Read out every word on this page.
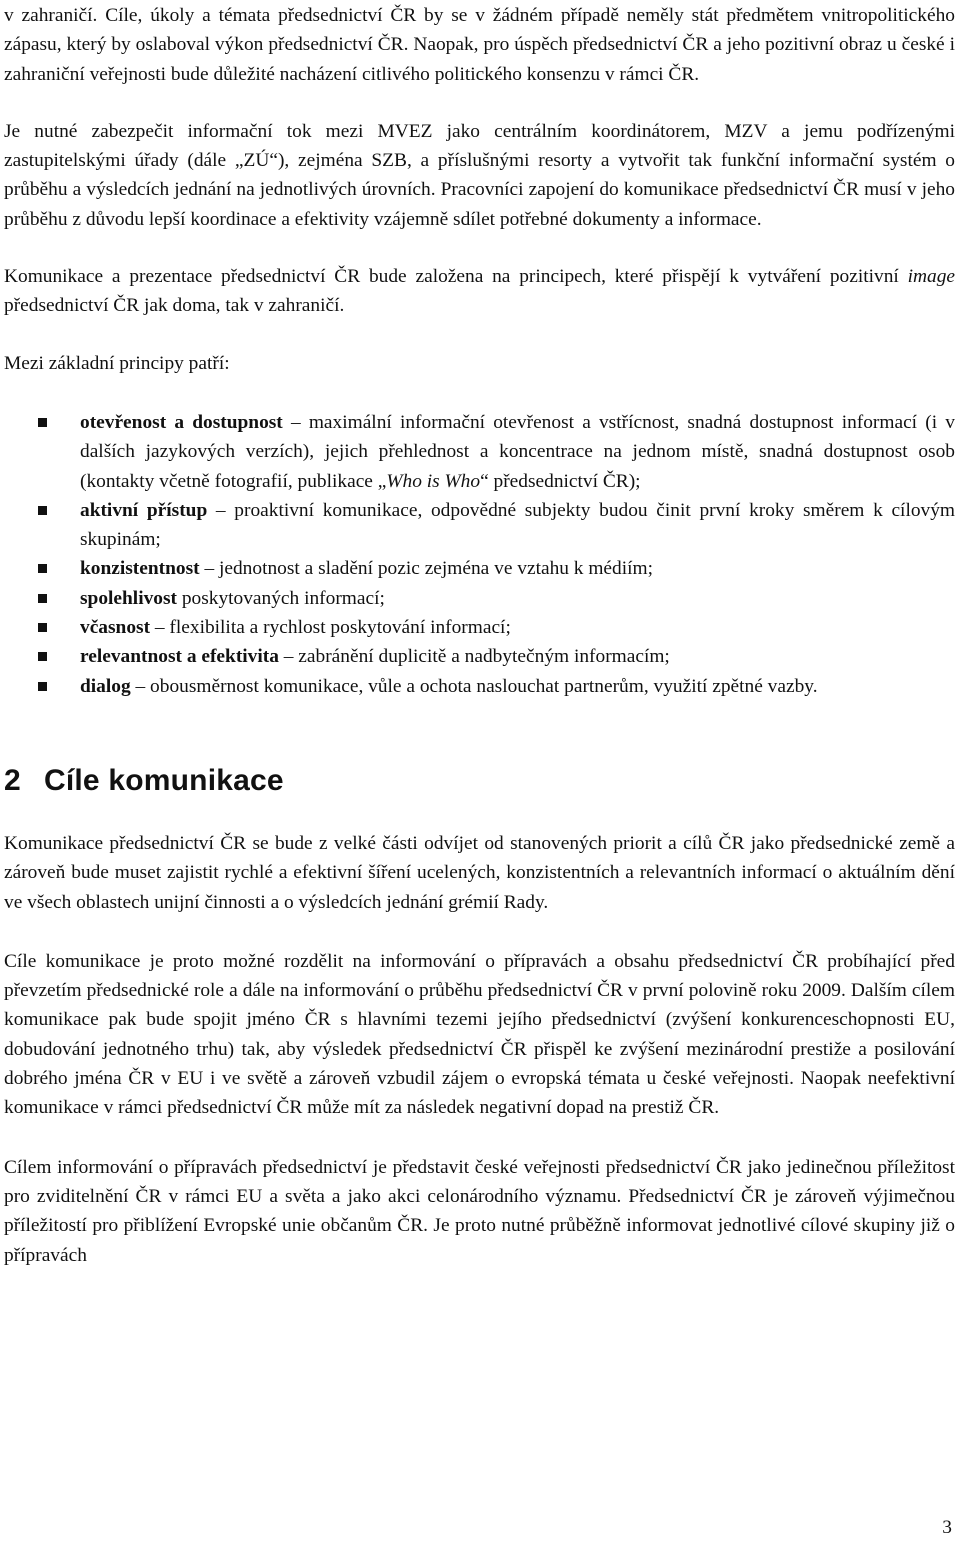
v zahraničí. Cíle, úkoly a témata předsednictví ČR by se v žádném případě neměly stát předmětem vnitropolitického zápasu, který by oslaboval výkon předsednictví ČR. Naopak, pro úspěch předsednictví ČR a jeho pozitivní obraz u české i zahraniční veřejnosti bude důležité nacházení citlivého politického konsenzu v rámci ČR.

Je nutné zabezpečit informační tok mezi MVEZ jako centrálním koordinátorem, MZV a jemu podřízenými zastupitelskými úřady (dále „ZÚ“), zejména SZB, a příslušnými resorty a vytvořit tak funkční informační systém o průběhu a výsledcích jednání na jednotlivých úrovních. Pracovníci zapojení do komunikace předsednictví ČR musí v jeho průběhu z důvodu lepší koordinace a efektivity vzájemně sdílet potřebné dokumenty a informace.

Komunikace a prezentace předsednictví ČR bude založena na principech, které přispějí k vytváření pozitivní image předsednictví ČR jak doma, tak v zahraničí.

Mezi základní principy patří:

otevřenost a dostupnost – maximální informační otevřenost a vstřícnost, snadná dostupnost informací (i v dalších jazykových verzích), jejich přehlednost a koncentrace na jednom místě, snadná dostupnost osob (kontakty včetně fotografií, publikace „Who is Who“ předsednictví ČR);
aktivní přístup – proaktivní komunikace, odpovědné subjekty budou činit první kroky směrem k cílovým skupinám;
konzistentnost – jednotnost a sladění pozic zejména ve vztahu k médiím;
spolehlivost poskytovaných informací;
včasnost – flexibilita a rychlost poskytování informací;
relevantnost a efektivita – zabránění duplicitě a nadbytečným informacím;
dialog – obousměrnost komunikace, vůle a ochota naslouchat partnerům, využití zpětné vazby.
2 Cíle komunikace

Komunikace předsednictví ČR se bude z velké části odvíjet od stanovených priorit a cílů ČR jako předsednické země a zároveň bude muset zajistit rychlé a efektivní šíření ucelených, konzistentních a relevantních informací o aktuálním dění ve všech oblastech unijní činnosti a o výsledcích jednání grémií Rady.

Cíle komunikace je proto možné rozdělit na informování o přípravách a obsahu předsednictví ČR probíhající před převzetím předsednické role a dále na informování o průběhu předsednictví ČR v první polovině roku 2009. Dalším cílem komunikace pak bude spojit jméno ČR s hlavními tezemi jejího předsednictví (zvýšení konkurenceschopnosti EU, dobudování jednotného trhu) tak, aby výsledek předsednictví ČR přispěl ke zvýšení mezinárodní prestiže a posilování dobrého jména ČR v EU i ve světě a zároveň vzbudil zájem o evropská témata u české veřejnosti. Naopak neefektivní komunikace v rámci předsednictví ČR může mít za následek negativní dopad na prestiž ČR.

Cílem informování o přípravách předsednictví je představit české veřejnosti předsednictví ČR jako jedinečnou příležitost pro zviditelnění ČR v rámci EU a světa a jako akci celonárodního významu. Předsednictví ČR je zároveň výjimečnou příležitostí pro přiblížení Evropské unie občanům ČR. Je proto nutné průběžně informovat jednotlivé cílové skupiny již o přípravách

3
